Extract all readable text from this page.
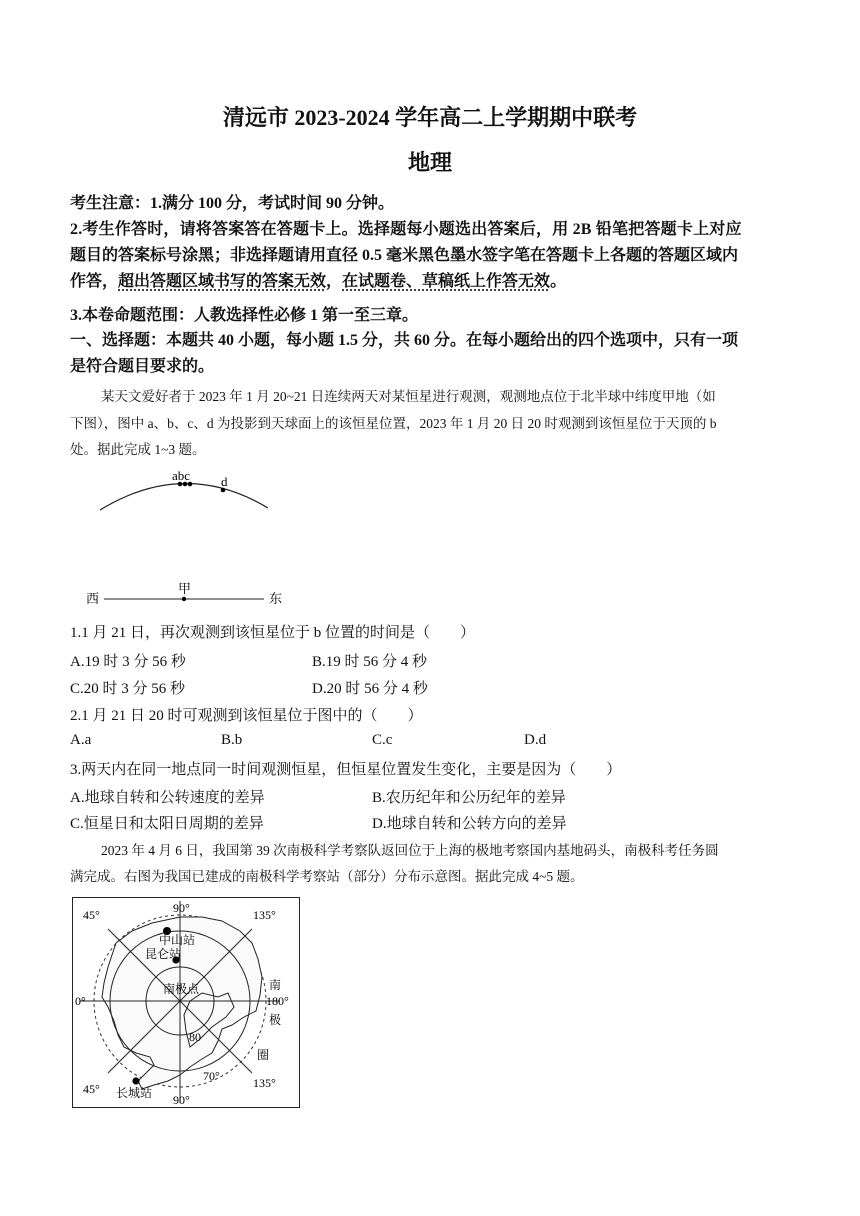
清远市 2023-2024 学年高二上学期期中联考
地理
考生注意：1.满分 100 分，考试时间 90 分钟。
2.考生作答时，请将答案答在答题卡上。选择题每小题选出答案后，用 2B 铅笔把答题卡上对应
题目的答案标号涂黑；非选择题请用直径 0.5 毫米黑色墨水签字笔在答题卡上各题的答题区域内
作答，超出答题区域书写的答案无效，在试题卷、草稿纸上作答无效。
3.本卷命题范围：人教选择性必修 1 第一至三章。
一、选择题：本题共 40 小题，每小题 1.5 分，共 60 分。在每小题给出的四个选项中，只有一项
是符合题目要求的。
某天文爱好者于 2023 年 1 月 20~21 日连续两天对某恒星进行观测，观测地点位于北半球中纬度甲地（如
下图），图中 a、b、c、d 为投影到天球面上的该恒星位置，2023 年 1 月 20 日 20 时观测到该恒星位于天顶的 b
处。据此完成 1~3 题。
abc d
甲
西	东
1.1 月 21 日，再次观测到该恒星位于 b 位置的时间是（　　）
A.19 时 3 分 56 秒	B.19 时 56 分 4 秒
C.20 时 3 分 56 秒	D.20 时 56 分 4 秒
2.1 月 21 日 20 时可观测到该恒星位于图中的（　　）
A.a	B.b	C.c	D.d
3.两天内在同一地点同一时间观测恒星，但恒星位置发生变化，主要是因为（　　）
A.地球自转和公转速度的差异	B.农历纪年和公历纪年的差异
C.恒星日和太阳日周期的差异	D.地球自转和公转方向的差异
2023 年 4 月 6 日，我国第 39 次南极科学考察队返回位于上海的极地考察国内基地码头，南极科考任务圆
满完成。右图为我国已建成的南极科学考察站（部分）分布示意图。据此完成 4~5 题。
45°	90°	135°
0°	180°
45°
90°
135°
80
70°
中山站
昆仑站
南极点
长城站
南
极
圈
